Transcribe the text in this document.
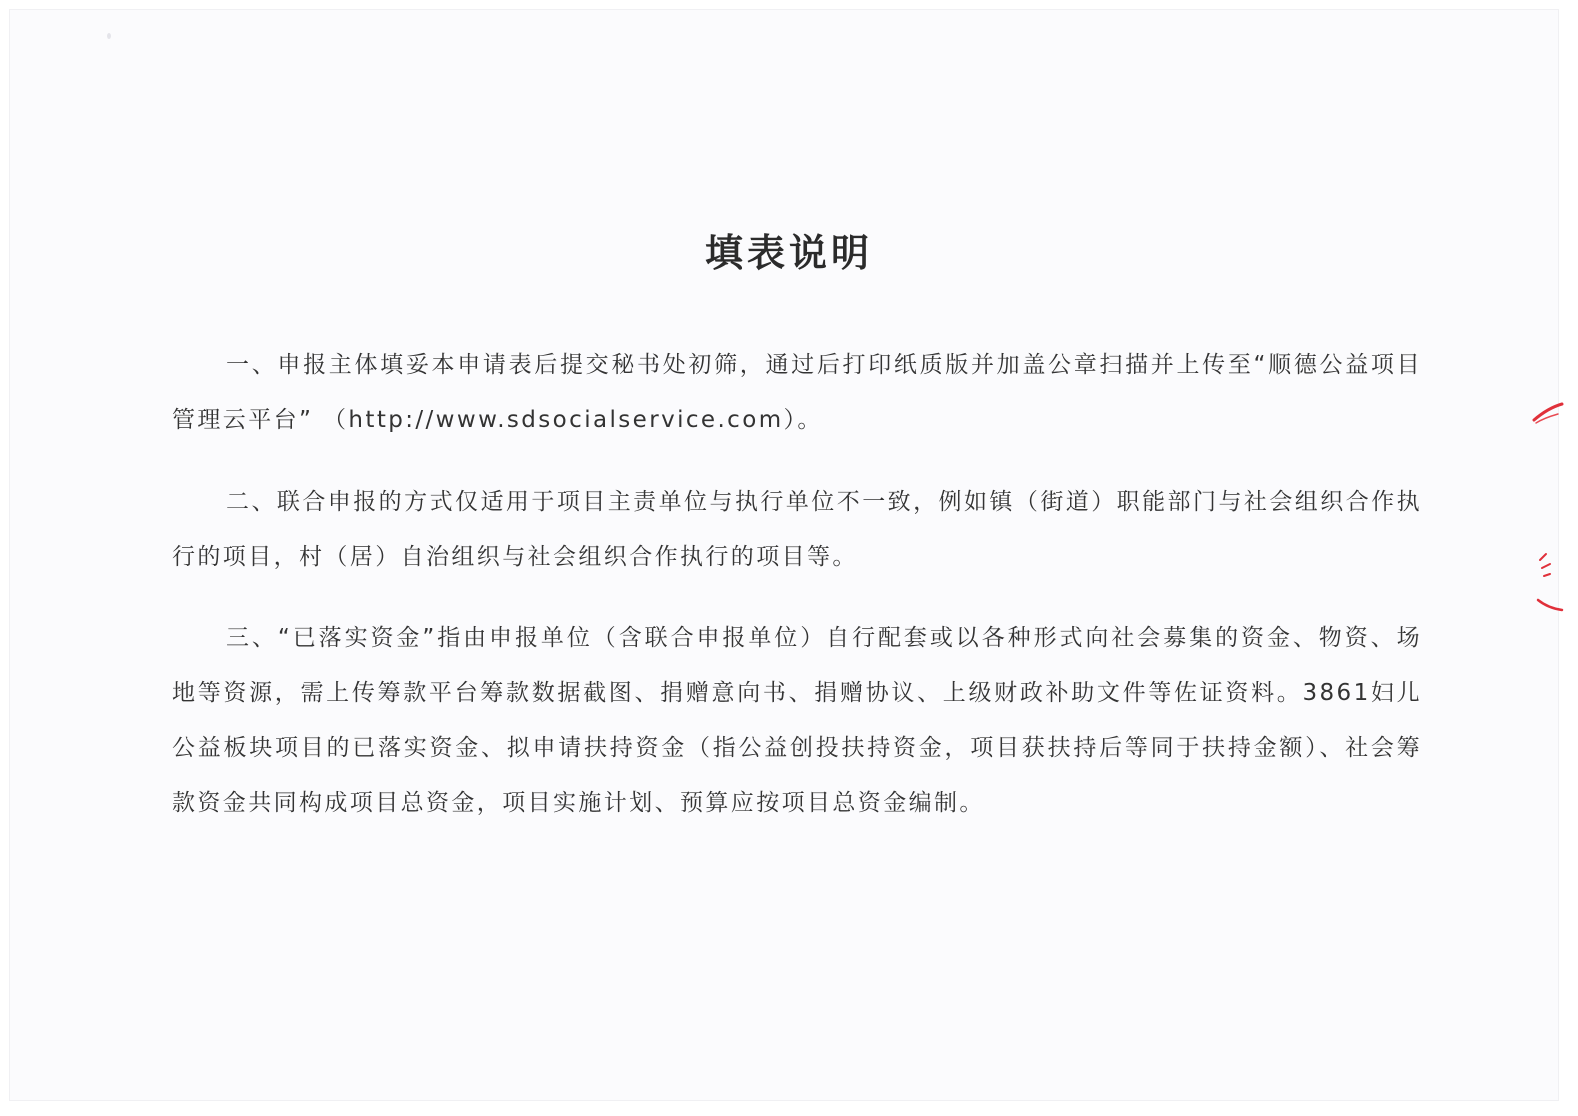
填表说明

一、申报主体填妥本申请表后提交秘书处初筛，通过后打印纸质版并加盖公章扫描并上传至“顺德公益项目管理云平台” （http://www.sdsocialservice.com）。

二、联合申报的方式仅适用于项目主责单位与执行单位不一致，例如镇（街道）职能部门与社会组织合作执行的项目，村（居）自治组织与社会组织合作执行的项目等。

三、“已落实资金”指由申报单位（含联合申报单位）自行配套或以各种形式向社会募集的资金、物资、场地等资源，需上传筹款平台筹款数据截图、捐赠意向书、捐赠协议、上级财政补助文件等佐证资料。3861妇儿公益板块项目的已落实资金、拟申请扶持资金（指公益创投扶持资金，项目获扶持后等同于扶持金额）、社会筹款资金共同构成项目总资金，项目实施计划、预算应按项目总资金编制。
